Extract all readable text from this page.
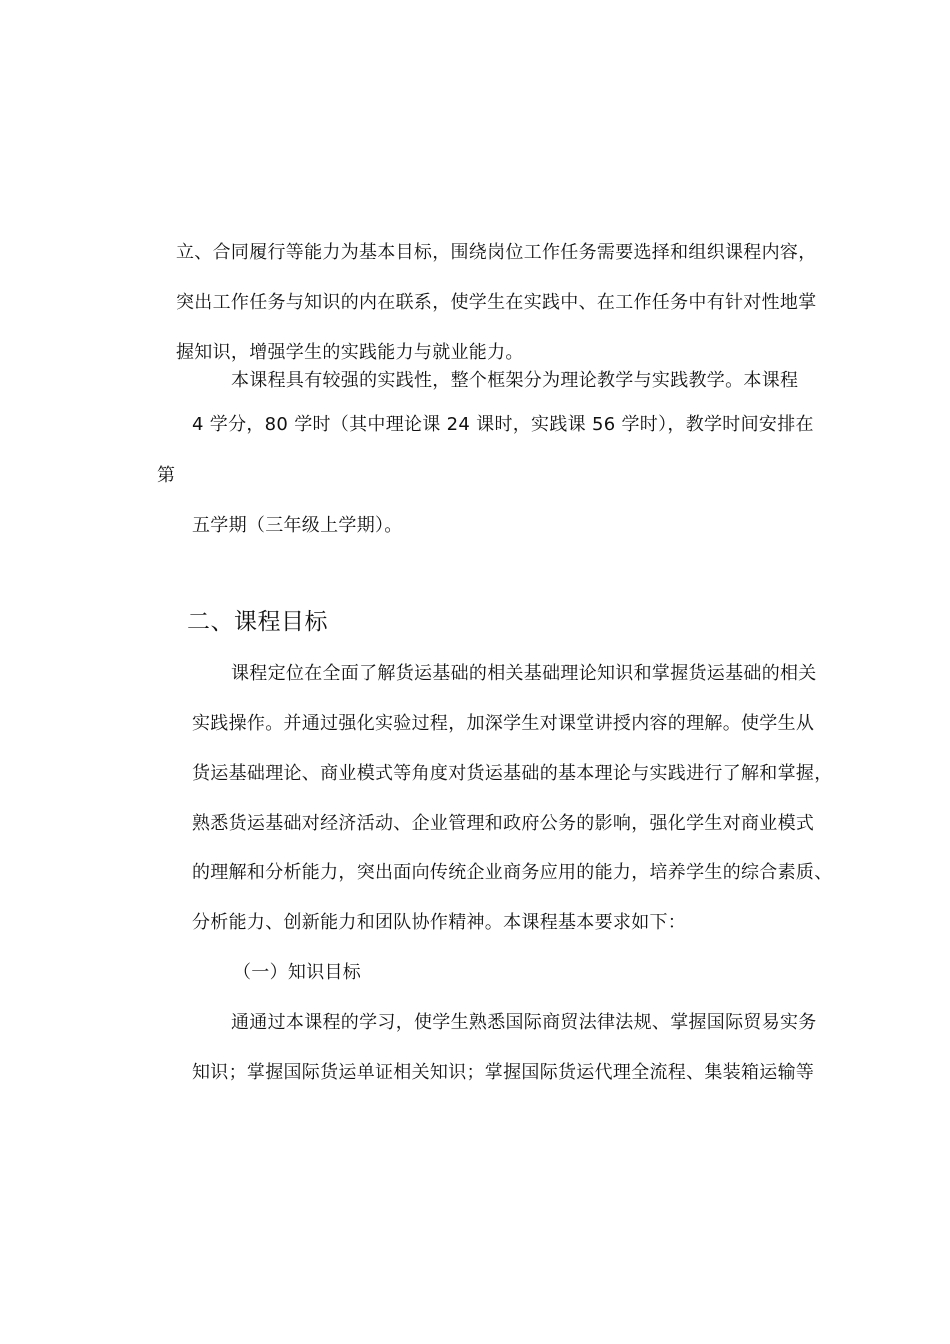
立、合同履行等能力为基本目标，围绕岗位工作任务需要选择和组织课程内容，
突出工作任务与知识的内在联系，使学生在实践中、在工作任务中有针对性地掌
握知识，增强学生的实践能力与就业能力。
本课程具有较强的实践性，整个框架分为理论教学与实践教学。本课程
4 学分，80 学时（其中理论课 24 课时，实践课 56 学时），教学时间安排在
第
五学期（三年级上学期）。
二、课程目标
课程定位在全面了解货运基础的相关基础理论知识和掌握货运基础的相关
实践操作。并通过强化实验过程，加深学生对课堂讲授内容的理解。使学生从
货运基础理论、商业模式等角度对货运基础的基本理论与实践进行了解和掌握，
熟悉货运基础对经济活动、企业管理和政府公务的影响，强化学生对商业模式
的理解和分析能力，突出面向传统企业商务应用的能力，培养学生的综合素质、
分析能力、创新能力和团队协作精神。本课程基本要求如下：
（一）知识目标
通通过本课程的学习，使学生熟悉国际商贸法律法规、掌握国际贸易实务
知识；掌握国际货运单证相关知识；掌握国际货运代理全流程、集装箱运输等
